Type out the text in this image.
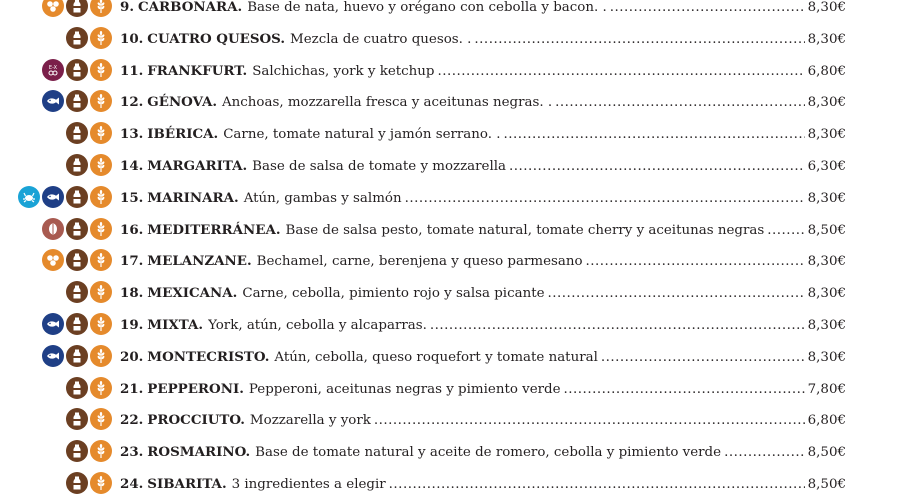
9. CARBONARA. Base de nata, huevo y orégano con cebolla y bacon. . .....	8,30€
10. CUATRO QUESOS. Mezcla de cuatro quesos. . .....	8,30€
E-X	11. FRANKFURT. Salchichas, york y ketchup .....	6,80€
12. GÉNOVA. Anchoas, mozzarella fresca y aceitunas negras. . .....	8,30€
13. IBÉRICA. Carne, tomate natural y jamón serrano. . .....	8,30€
14. MARGARITA. Base de salsa de tomate y mozzarella .....	6,30€
15. MARINARA. Atún, gambas y salmón .....	8,30€
16. MEDITERRÁNEA. Base de salsa pesto, tomate natural, tomate cherry y aceitunas negras .....	8,50€
17. MELANZANE. Bechamel, carne, berenjena y queso parmesano .....	8,30€
18. MEXICANA. Carne, cebolla, pimiento rojo y salsa picante .....	8,30€
19. MIXTA. York, atún, cebolla y alcaparras. .....	8,30€
20. MONTECRISTO. Atún, cebolla, queso roquefort y tomate natural .....	8,30€
21. PEPPERONI. Pepperoni, aceitunas negras y pimiento verde .....	7,80€
22. PROCCIUTO. Mozzarella y york .....	6,80€
23. ROSMARINO. Base de tomate natural y aceite de romero, cebolla y pimiento verde .....	8,50€
24. SIBARITA. 3 ingredientes a elegir .....	8,50€
